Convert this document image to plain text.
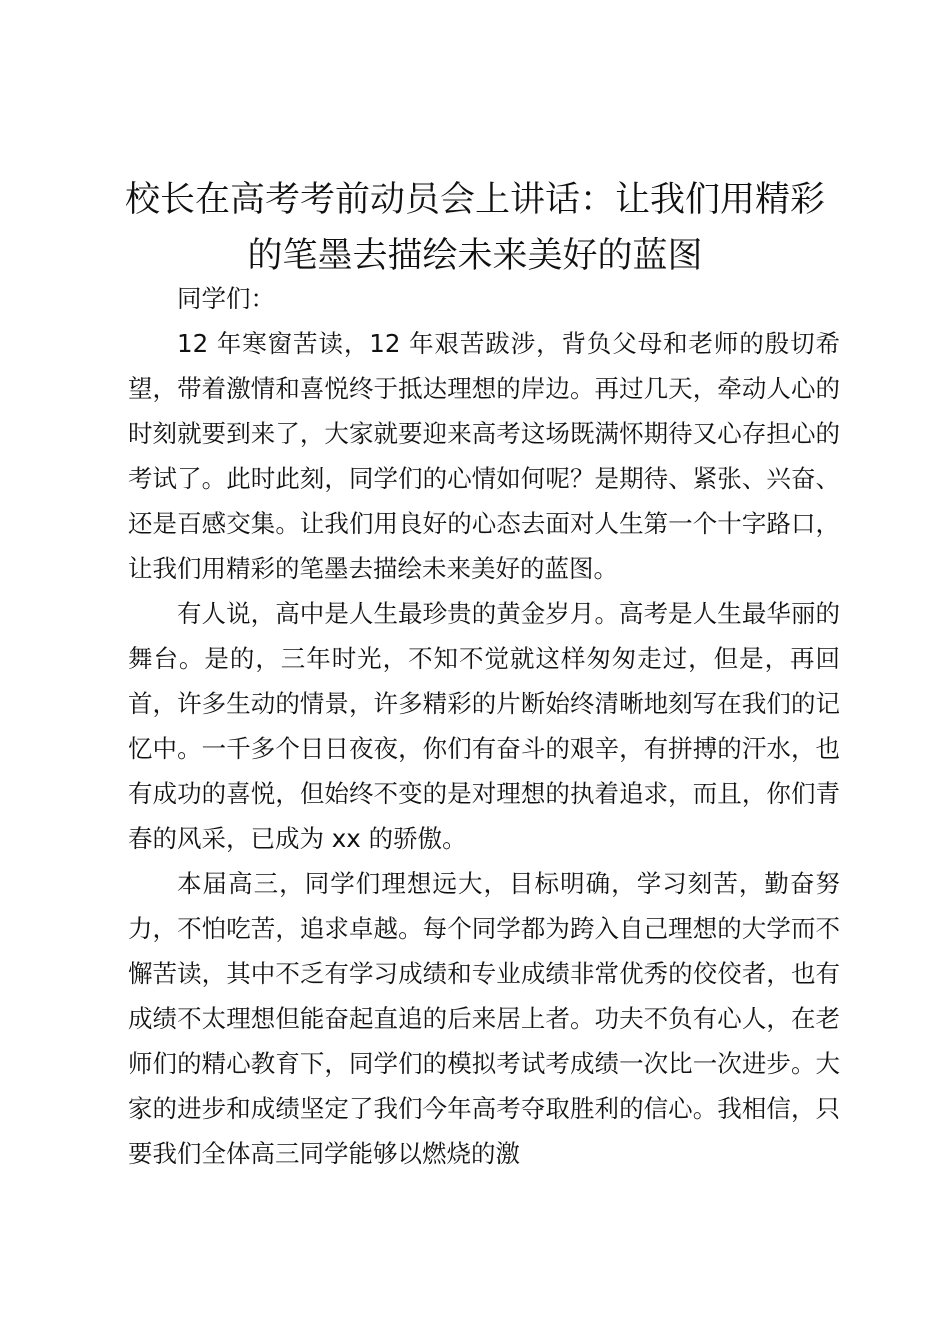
校长在高考考前动员会上讲话：让我们用精彩的笔墨去描绘未来美好的蓝图

同学们：

12 年寒窗苦读，12 年艰苦跋涉，背负父母和老师的殷切希望，带着激情和喜悦终于抵达理想的岸边。再过几天，牵动人心的时刻就要到来了，大家就要迎来高考这场既满怀期待又心存担心的考试了。此时此刻，同学们的心情如何呢？是期待、紧张、兴奋、还是百感交集。让我们用良好的心态去面对人生第一个十字路口，让我们用精彩的笔墨去描绘未来美好的蓝图。

有人说，高中是人生最珍贵的黄金岁月。高考是人生最华丽的舞台。是的，三年时光，不知不觉就这样匆匆走过，但是，再回首，许多生动的情景，许多精彩的片断始终清晰地刻写在我们的记忆中。一千多个日日夜夜，你们有奋斗的艰辛，有拼搏的汗水，也有成功的喜悦，但始终不变的是对理想的执着追求，而且，你们青春的风采，已成为 xx 的骄傲。

本届高三，同学们理想远大，目标明确，学习刻苦，勤奋努力，不怕吃苦，追求卓越。每个同学都为跨入自己理想的大学而不懈苦读，其中不乏有学习成绩和专业成绩非常优秀的佼佼者，也有成绩不太理想但能奋起直追的后来居上者。功夫不负有心人，在老师们的精心教育下，同学们的模拟考试考成绩一次比一次进步。大家的进步和成绩坚定了我们今年高考夺取胜利的信心。我相信，只要我们全体高三同学能够以燃烧的激
